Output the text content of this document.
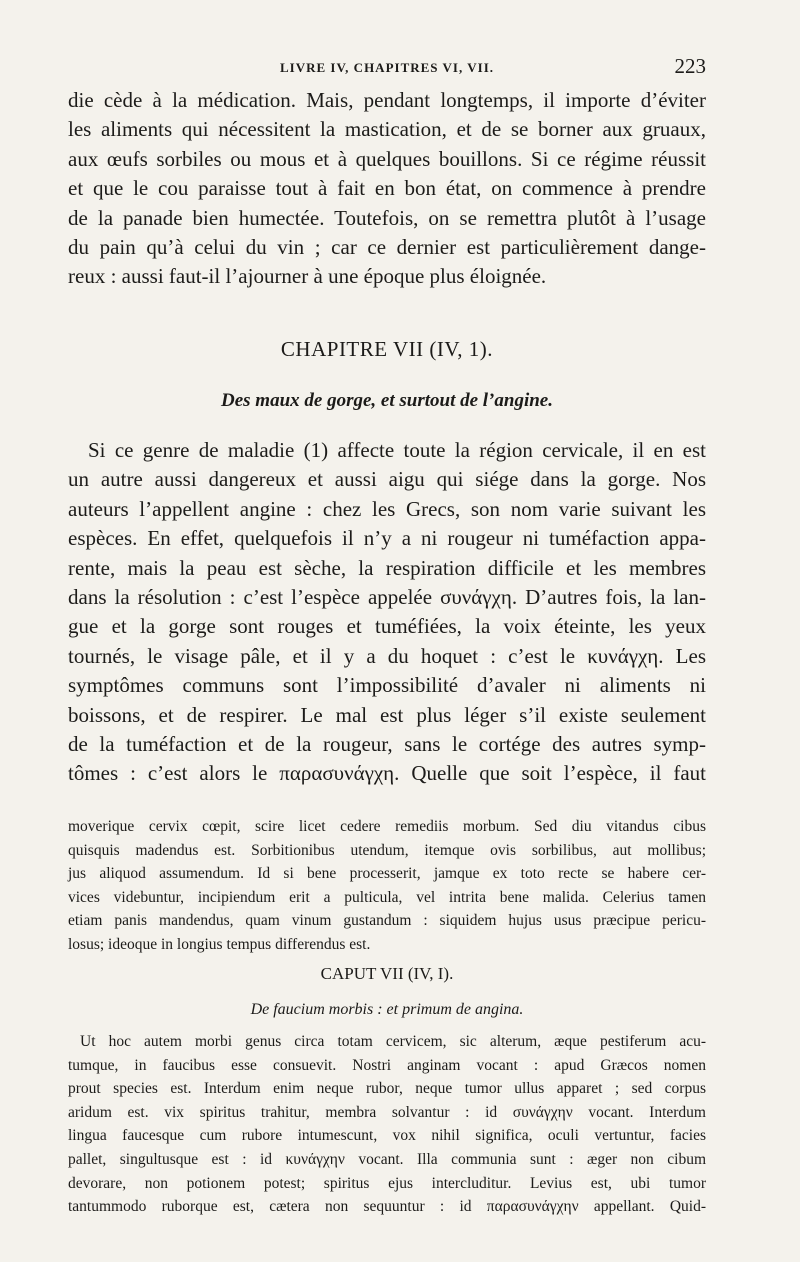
LIVRE IV, CHAPITRES VI, VII.	223
die cède à la médication. Mais, pendant longtemps, il importe d’éviter
les aliments qui nécessitent la mastication, et de se borner aux gruaux,
aux œufs sorbiles ou mous et à quelques bouillons. Si ce régime réussit
et que le cou paraisse tout à fait en bon état, on commence à prendre
de la panade bien humectée. Toutefois, on se remettra plutôt à l’usage
du pain qu’à celui du vin ; car ce dernier est particulièrement dange-
reux : aussi faut-il l’ajourner à une époque plus éloignée.
CHAPITRE VII (IV, 1).
Des maux de gorge, et surtout de l’angine.
Si ce genre de maladie (1) affecte toute la région cervicale, il en est
un autre aussi dangereux et aussi aigu qui siége dans la gorge. Nos
auteurs l’appellent angine : chez les Grecs, son nom varie suivant les
espèces. En effet, quelquefois il n’y a ni rougeur ni tuméfaction appa-
rente, mais la peau est sèche, la respiration difficile et les membres
dans la résolution : c’est l’espèce appelée συνάγχη. D’autres fois, la lan-
gue et la gorge sont rouges et tuméfiées, la voix éteinte, les yeux
tournés, le visage pâle, et il y a du hoquet : c’est le κυνάγχη. Les
symptômes communs sont l’impossibilité d’avaler ni aliments ni
boissons, et de respirer. Le mal est plus léger s’il existe seulement
de la tuméfaction et de la rougeur, sans le cortége des autres symp-
tômes : c’est alors le παρασυνάγχη. Quelle que soit l’espèce, il faut
moverique cervix cœpit, scire licet cedere remediis morbum. Sed diu vitandus cibus
quisquis madendus est. Sorbitionibus utendum, itemque ovis sorbilibus, aut mollibus;
jus aliquod assumendum. Id si bene processerit, jamque ex toto recte se habere cer-
vices videbuntur, incipiendum erit a pulticula, vel intrita bene malida. Celerius tamen
etiam panis mandendus, quam vinum gustandum : siquidem hujus usus præcipue pericu-
losus; ideoque in longius tempus differendus est.
CAPUT VII (IV, I).
De faucium morbis : et primum de angina.
Ut hoc autem morbi genus circa totam cervicem, sic alterum, æque pestiferum acu-
tumque, in faucibus esse consuevit. Nostri anginam vocant : apud Græcos nomen
prout species est. Interdum enim neque rubor, neque tumor ullus apparet ; sed corpus
aridum est. vix spiritus trahitur, membra solvantur : id συνάγχην vocant. Interdum
lingua faucesque cum rubore intumescunt, vox nihil significa, oculi vertuntur, facies
pallet, singultusque est : id κυνάγχην vocant. Illa communia sunt : æger non cibum
devorare, non potionem potest; spiritus ejus intercluditur. Levius est, ubi tumor
tantummodo ruborque est, cætera non sequuntur : id παρασυνάγχην appellant. Quid-
